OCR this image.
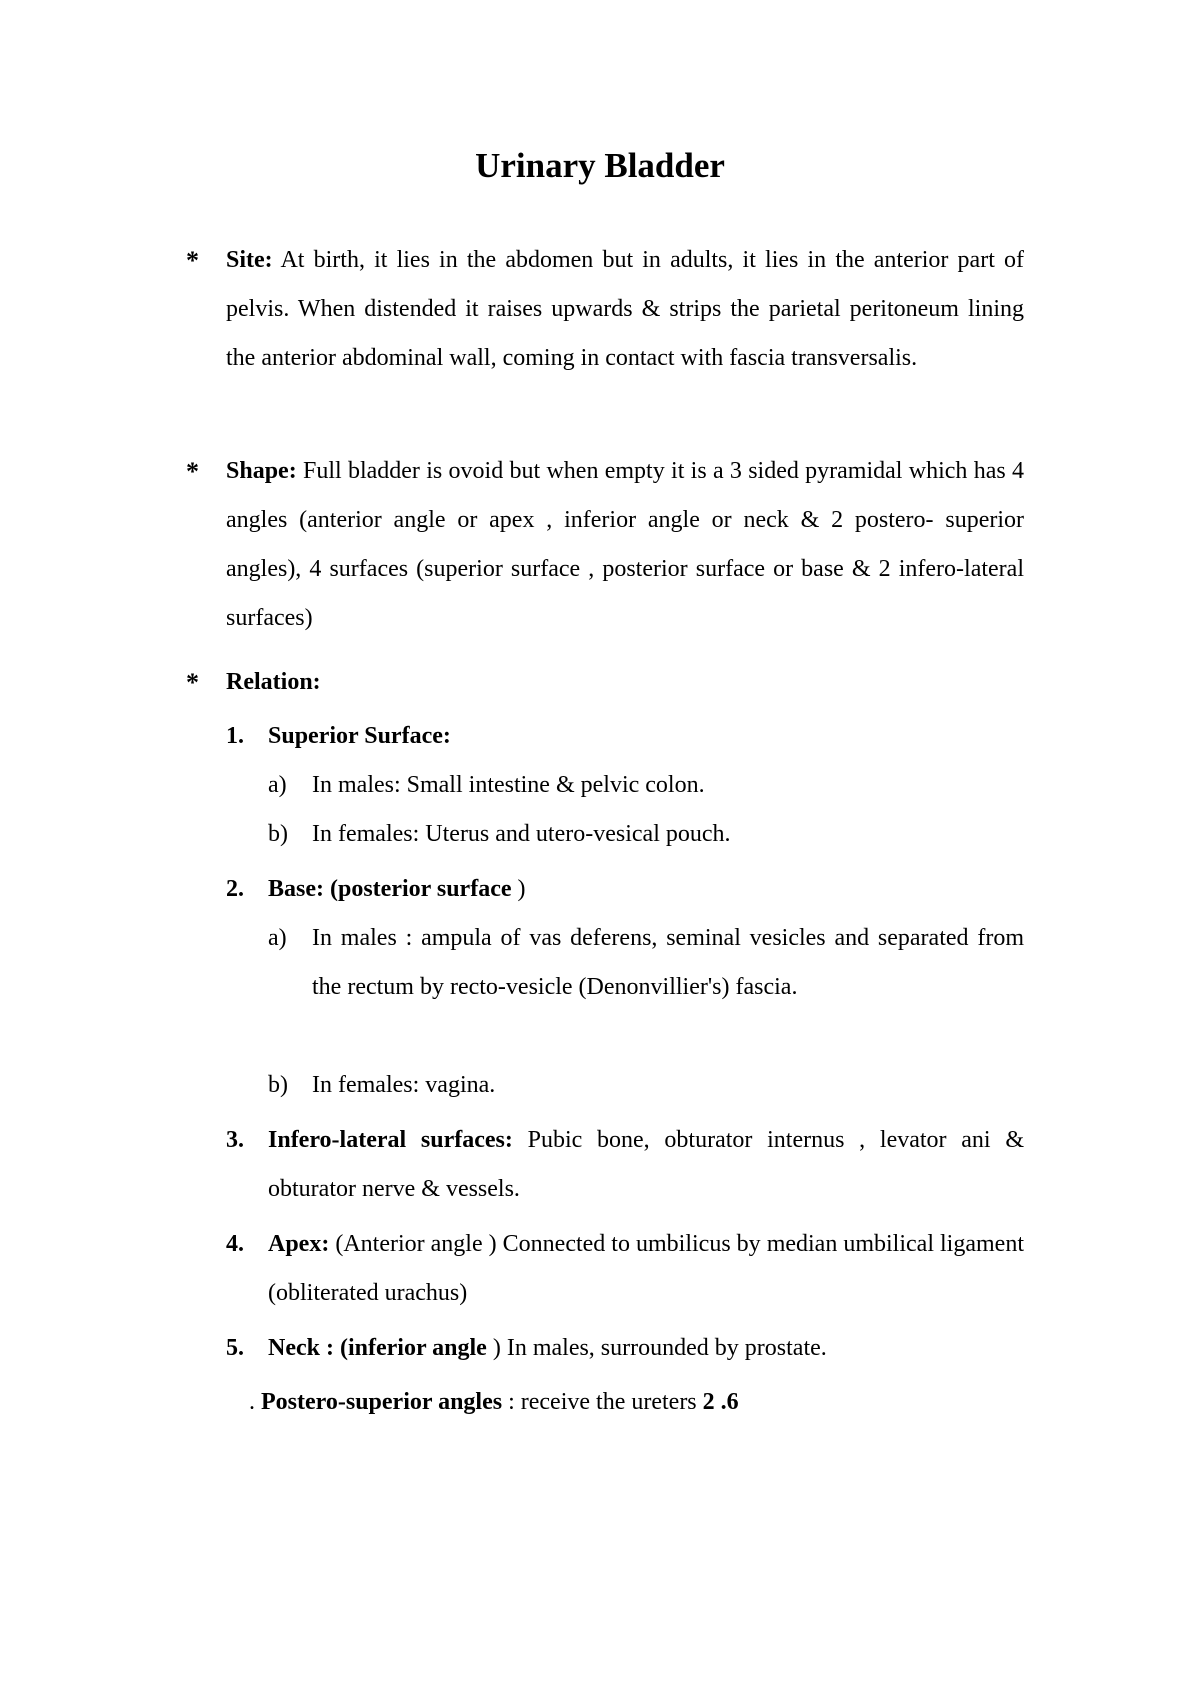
Urinary Bladder
* Site: At birth, it lies in the abdomen but in adults, it lies in the anterior part of pelvis. When distended it raises upwards & strips the parietal peritoneum lining the anterior abdominal wall, coming in contact with fascia transversalis.

* Shape: Full bladder is ovoid but when empty it is a 3 sided pyramidal which has 4 angles (anterior angle or apex , inferior angle or neck & 2 postero- superior angles), 4 surfaces (superior surface , posterior surface or base & 2 infero-lateral surfaces)

* Relation:

1. Superior Surface:

a) In males: Small intestine & pelvic colon.

b) In females: Uterus and utero-vesical pouch.

2. Base: (posterior surface )

a) In males : ampula of vas deferens, seminal vesicles and separated from the rectum by recto-vesicle (Denonvillier's) fascia.

b) In females: vagina.

3. Infero-lateral surfaces: Pubic bone, obturator internus , levator ani & obturator nerve & vessels.

4. Apex: (Anterior angle ) Connected to umbilicus by median umbilical ligament (obliterated urachus)

5. Neck : (inferior angle ) In males, surrounded by prostate.

. Postero-superior angles : receive the ureters 2 .6
